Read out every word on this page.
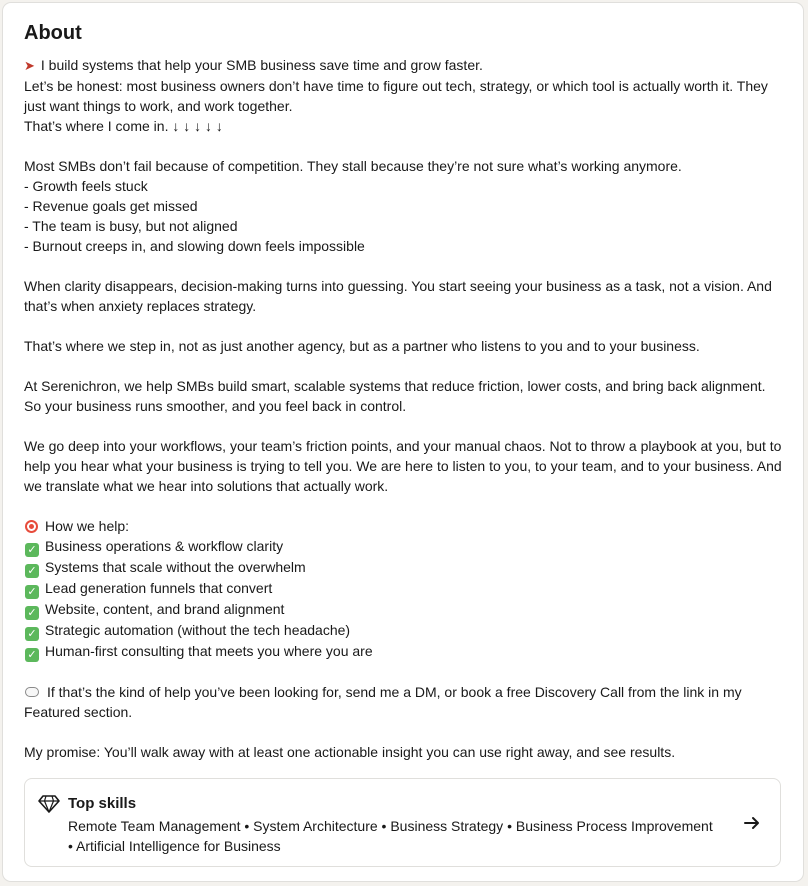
About
➤ I build systems that help your SMB business save time and grow faster.
Let’s be honest: most business owners don’t have time to figure out tech, strategy, or which tool is actually worth it. They just want things to work, and work together.
That’s where I come in. ↓ ↓ ↓ ↓ ↓
Most SMBs don’t fail because of competition. They stall because they’re not sure what’s working anymore.
- Growth feels stuck
- Revenue goals get missed
- The team is busy, but not aligned
- Burnout creeps in, and slowing down feels impossible
When clarity disappears, decision-making turns into guessing. You start seeing your business as a task, not a vision. And that’s when anxiety replaces strategy.
That’s where we step in, not as just another agency, but as a partner who listens to you and to your business.
At Serenichron, we help SMBs build smart, scalable systems that reduce friction, lower costs, and bring back alignment. So your business runs smoother, and you feel back in control.
We go deep into your workflows, your team’s friction points, and your manual chaos. Not to throw a playbook at you, but to help you hear what your business is trying to tell you. We are here to listen to you, to your team, and to your business. And we translate what we hear into solutions that actually work.
How we help:
✓ Business operations & workflow clarity
✓ Systems that scale without the overwhelm
✓ Lead generation funnels that convert
✓ Website, content, and brand alignment
✓ Strategic automation (without the tech headache)
✓ Human-first consulting that meets you where you are
If that’s the kind of help you’ve been looking for, send me a DM, or book a free Discovery Call from the link in my Featured section.
My promise: You’ll walk away with at least one actionable insight you can use right away, and see results.
Top skills
Remote Team Management • System Architecture • Business Strategy • Business Process Improvement • Artificial Intelligence for Business
